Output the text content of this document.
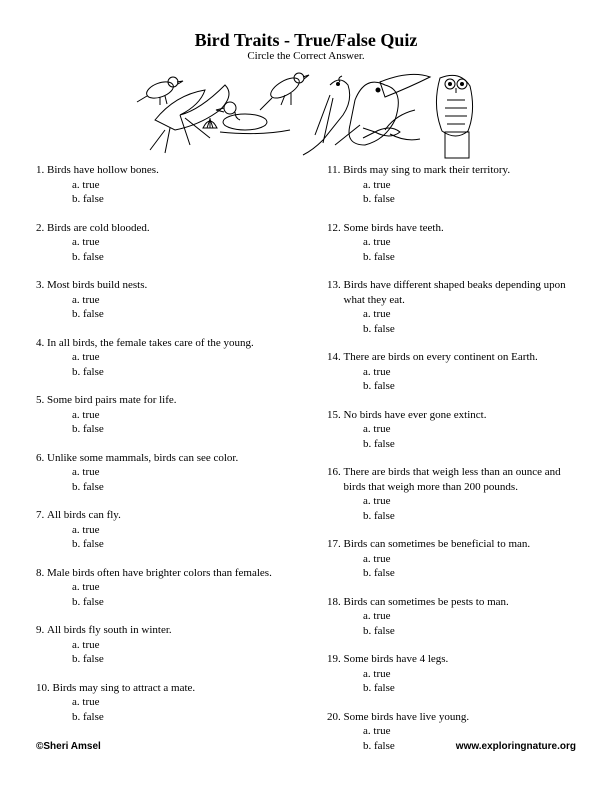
Bird Traits - True/False Quiz
Circle the Correct Answer.
1.
Birds have hollow bones.
a. true
b. false
2.
Birds are cold blooded.
a. true
b. false
3.
Most birds build nests.
a. true
b. false
4.
In all birds, the female takes care of the young.
a. true
b. false
5.
Some bird pairs mate for life.
a. true
b. false
6.
Unlike some mammals, birds can see color.
a. true
b. false
7.
All birds can fly.
a. true
b. false
8.
Male birds often have brighter colors than females.
a. true
b. false
9.
All birds fly south in winter.
a. true
b. false
10.
Birds may sing to attract a mate.
a. true
b. false
11.
Birds may sing to mark their territory.
a. true
b. false
12.
Some birds have teeth.
a. true
b. false
13.
Birds have different shaped beaks depending upon what they eat.
a. true
b. false
14.
There are birds on every continent on Earth.
a. true
b. false
15.
No birds have ever gone extinct.
a. true
b. false
16.
There are birds that weigh less than an ounce and birds that weigh more than 200 pounds.
a. true
b. false
17.
Birds can sometimes be beneficial to man.
a. true
b. false
18.
Birds can sometimes be pests to man.
a. true
b. false
19.
Some birds have 4 legs.
a. true
b. false
20.
Some birds have live young.
a. true
b. false
©Sheri Amsel	www.exploringnature.org
